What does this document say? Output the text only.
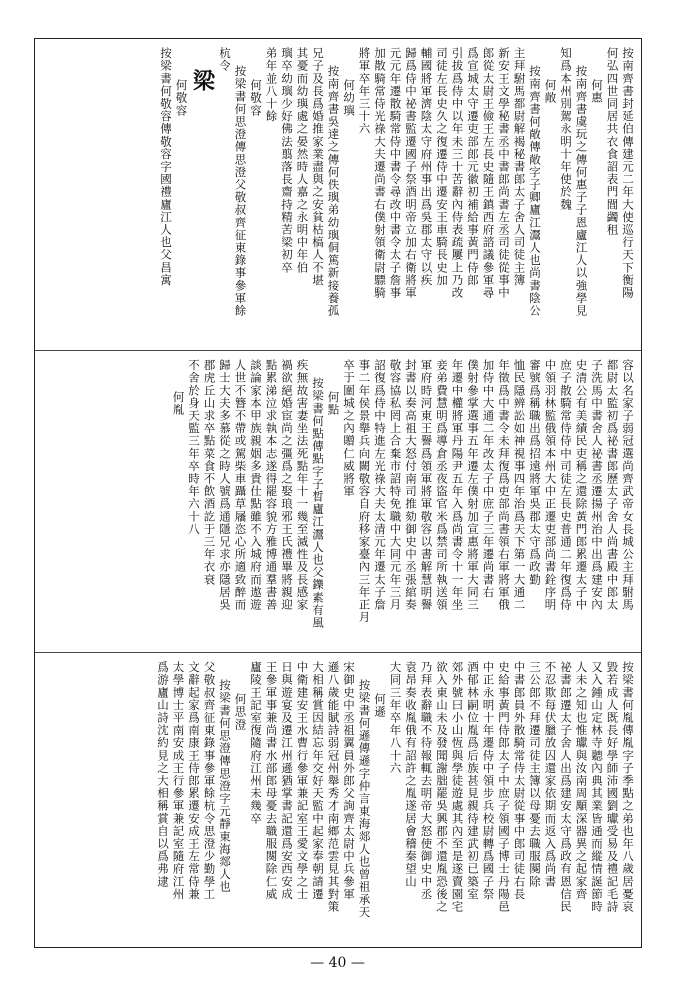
按南齊書封延伯傳建元二年大使巡行天下衡陽
何弘四世同居共衣食詔表門閭蠲租
何惠
按南齊書虞玩之傳何惠子子恩廬江人以強學見
知爲本州別駕永明十年使於魏
何敞
按南齊書何敞傳敞字子卿廬江灊人也尚書陰公
主拜駙馬都尉解褐秘書郎太子舍人司徒主簿
新安王文學秘書丞中書郎尚書左丞司徒從事中
郎從太尉王儉王左長史隨王鎮西府諮議參軍尋
爲宣城太守遷吏部郎元徽初補給事黃門侍郎
引拔爲侍中以年未三十苦辭內侍表疏屢上乃改
司徒左長史久之復遷侍中遷安王車騎長史加
輔國將軍濟陰太守府州事出爲吳郡太守以疾
歸爲侍中祕書監遷國子祭酒明帝立加右衛將軍
元元年遷散騎常侍中書令尋改中書令太子詹事
加散騎常侍光祿大夫遷尚書右僕射領衛尉驃騎
將軍卒年三十六
何幼璵
按南齊書吳達之傳何佚璵弟幼璵侗篤新接養孤
兄子及長爲婚推家業盡與之安貧枯槁人不堪
其憂而幼璵處之晏然時人嘉之永明中年伯
璵卒幼璵少好佛法翦落長齋持精苦梁初卒
弟年並八十餘
何敬容
按梁書何思澄傳思澄父敬叔齊征東錄事參軍餘
杭令
梁
何敬容
按梁書何敬容傳敬容字國禮廬江人也父昌寓
容以名家子弱冠選尚齊武帝女長城公主拜駙馬
都尉太監初爲祕書郎歷太子舍人尚書殿中郎太
子洗馬中書舍人祕書丞遷揚州治中出爲建安內
史清公有美績民吏稱之還除黃門郎累遷太子中
庶子散騎常侍侍中司徒左長史普通二年復爲侍
中領羽林監俄領本州大中正遷吏部尚書銓序明
審號爲稱職出爲招遠將軍吳郡太守爲政勤
恤民隱辨訟如神視事四年治爲天下第一大通二
年徵爲中書令未拜復爲吏部尚書領右軍將軍俄
加侍中大通二年改太子中庶子三年遷尚書右
僕射參掌選事五年遷左僕射加宣惠將軍大同三
年遷中權將軍丹陽尹五年入爲尚書令十一年坐
妾弟費慧明爲導倉丞夜盜官米爲禁司所執送領
軍府時河東王譽爲領軍將軍敬容以書解慧明譽
封書以奏高祖大怒付南司推劾御史中丞張綰奏
敬容協私罔上合棄市詔特免職中大同元年三月
詔復爲侍中特進左光祿大夫太清元年遷太子詹
事二年侯景舉兵向闕敬容自府移家臺內三年正月
卒于圍城之內贈仁威將軍
何點
按梁書何點傳點字子晳廬江灊人也父鑠素有風
疾無故害妻坐法死點年十一幾至滅性及長感家
禍欲絕婚宦尚之彊爲之娶琅邪王氏禮畢將親迎
點累涕泣求執本志遂得罷容貌方雅博通羣書善
談論家本甲族親姻多貴仕點雖不入城府而遨遊
人世不簪不帶或駕柴車躡草屩恣心所適致醉而
歸士大夫多慕從之時人號爲通隱兄求亦隱居吳
郡虎丘山求卒點菜食不飲酒訖于三年衣衰
不舍於身天監三年卒時年六十八
何胤
按梁書何胤傳胤字子季點之弟也年八歲居憂哀
毀若成人既長好學師沛國劉瓛受易及禮記毛詩
又入鍾山定林寺聽內典其業皆通而縱情誕節時
人未之知也惟瓛與汝南周顒深器異之起家齊
祕書郎遷太子舍人出爲建安太守爲政有恩信民
不忍欺每伏臘放囚還家依期而返入爲尚書
三公郎不拜遷司徒主簿以母憂去職服闋除
中書郎員外散騎常侍太尉從事中郎司徒右長
史給事黃門侍郎太子中庶子領國子博士丹陽邑
中正永明十年遷侍中領步兵校尉轉爲國子祭
酒郁林嗣位胤爲后族甚見親待建武初已築室
郊外號曰小山恆與學徒遊處其內至是遂賣園宅
欲入東山未及發聞謝朏罷吳興郡不還胤恐後之
乃拜表辭職不待報輒去明帝大怒使御史中丞
袁昂奏收胤俄有詔許之胤遂居會稽秦望山
大同三年卒年八十六
何遜
按梁書何遜傳遜字仲言東海郯人也曾祖承天
宋御史中丞祖翼員外郎父詢齊太尉中兵參軍
遜八歲能賦詩弱冠州舉秀才南鄉范雲見其對策
大相稱賞因結忘年交好天監中起家奉朝請遷
中衛建安王水曹行參軍兼記室王愛文學之士
日與遊宴及遷江州遜猶掌書記還爲安西安成
王參軍事兼尚書水部郎母憂去職服闋除仁威
廬陵王記室復隨府江州未幾卒
何思澄
按梁書何思澄傳思澄字元靜東海郯人也
父敬叔齊征東錄事參軍餘杭令思澄少勤學工
文辭起家爲南康王侍郎累遷安成王左常侍兼
太學博士平南安成王行參軍兼記室隨府江州
爲游廬山詩沈約見之大相稱賞自以爲弗逮
— 40 —
